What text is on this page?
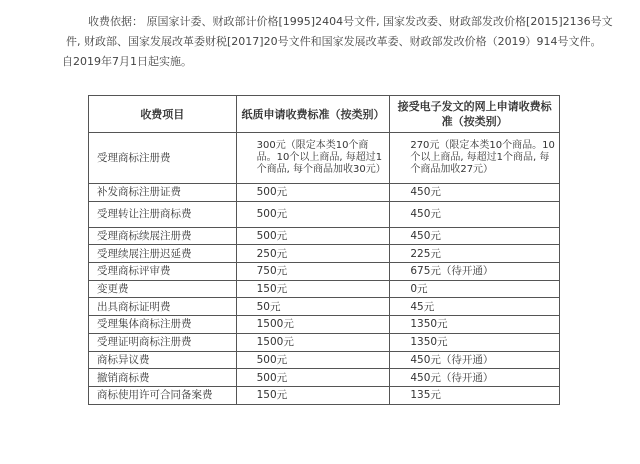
收费依据： 原国家计委、财政部计价格[1995]2404号文件, 国家发改委、财政部发改价格[2015]2136号文件, 财政部、国家发展改革委财税[2017]20号文件和国家发展改革委、财政部发改价格（2019）914号文件。

自2019年7月1日起实施。

收费项目	纸质申请收费标准（按类别）	接受电子发文的网上申请收费标准（按类别）
受理商标注册费	300元（限定本类10个商品。10个以上商品, 每超过1个商品, 每个商品加收30元）	270元（限定本类10个商品。10个以上商品, 每超过1个商品, 每个商品加收27元）
补发商标注册证费	500元	450元
受理转让注册商标费	500元	450元
受理商标续展注册费	500元	450元
受理续展注册迟延费	250元	225元
受理商标评审费	750元	675元（待开通）
变更费	150元	0元
出具商标证明费	50元	45元
受理集体商标注册费	1500元	1350元
受理证明商标注册费	1500元	1350元
商标异议费	500元	450元（待开通）
撤销商标费	500元	450元（待开通）
商标使用许可合同备案费	150元	135元
